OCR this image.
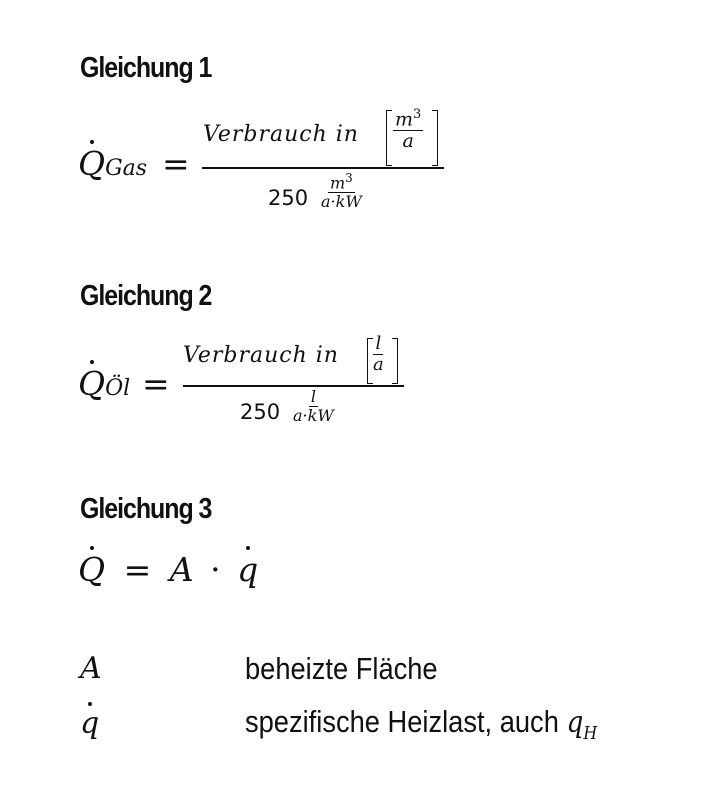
Gleichung 1
QGas =
Verbrauch in $\frac{m^3}{a}$
$250 \frac{m^3}{a\cdot kW}$
Gleichung 2
QÖl =
Verbrauch in $\frac{l}{a}$
$250 \frac{l}{a\cdot kW}$
Gleichung 3
Q = A · q
A	beheizte Fläche
q	spezifische Heizlast, auch $q_H$
